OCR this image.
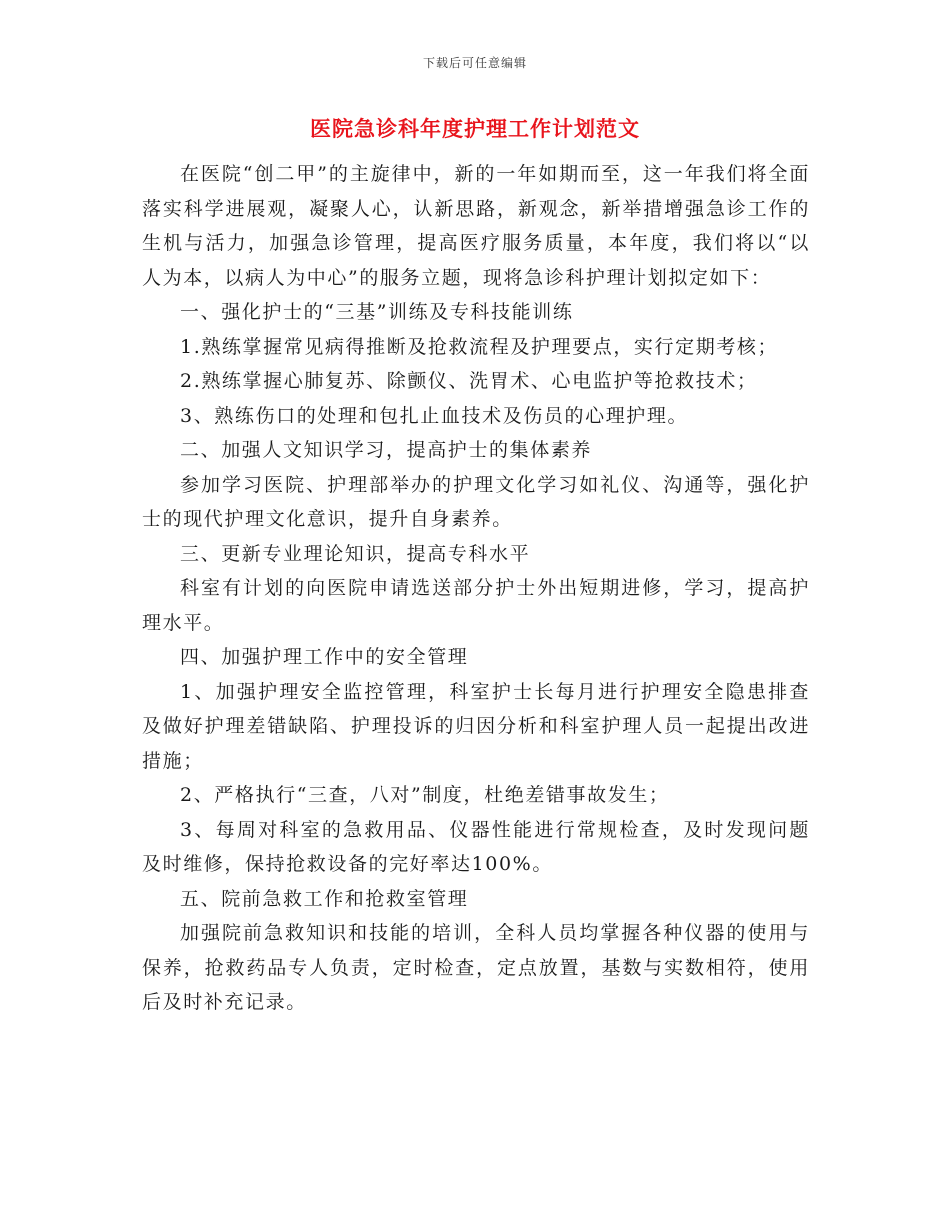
下载后可任意编辑
医院急诊科年度护理工作计划范文

在医院“创二甲”的主旋律中，新的一年如期而至，这一年我们将全面落实科学进展观，凝聚人心，认新思路，新观念，新举措增强急诊工作的生机与活力，加强急诊管理，提高医疗服务质量，本年度，我们将以“以人为本，以病人为中心”的服务立题，现将急诊科护理计划拟定如下：

一、强化护士的“三基”训练及专科技能训练

1.熟练掌握常见病得推断及抢救流程及护理要点，实行定期考核；

2.熟练掌握心肺复苏、除颤仪、洗胃术、心电监护等抢救技术；

3、熟练伤口的处理和包扎止血技术及伤员的心理护理。

二、加强人文知识学习，提高护士的集体素养

参加学习医院、护理部举办的护理文化学习如礼仪、沟通等，强化护士的现代护理文化意识，提升自身素养。

三、更新专业理论知识，提高专科水平

科室有计划的向医院申请选送部分护士外出短期进修，学习，提高护理水平。

四、加强护理工作中的安全管理

1、加强护理安全监控管理，科室护士长每月进行护理安全隐患排查及做好护理差错缺陷、护理投诉的归因分析和科室护理人员一起提出改进措施；

2、严格执行“三查，八对”制度，杜绝差错事故发生；

3、每周对科室的急救用品、仪器性能进行常规检查，及时发现问题及时维修，保持抢救设备的完好率达100%。

五、院前急救工作和抢救室管理

加强院前急救知识和技能的培训，全科人员均掌握各种仪器的使用与保养，抢救药品专人负责，定时检查，定点放置，基数与实数相符，使用后及时补充记录。
